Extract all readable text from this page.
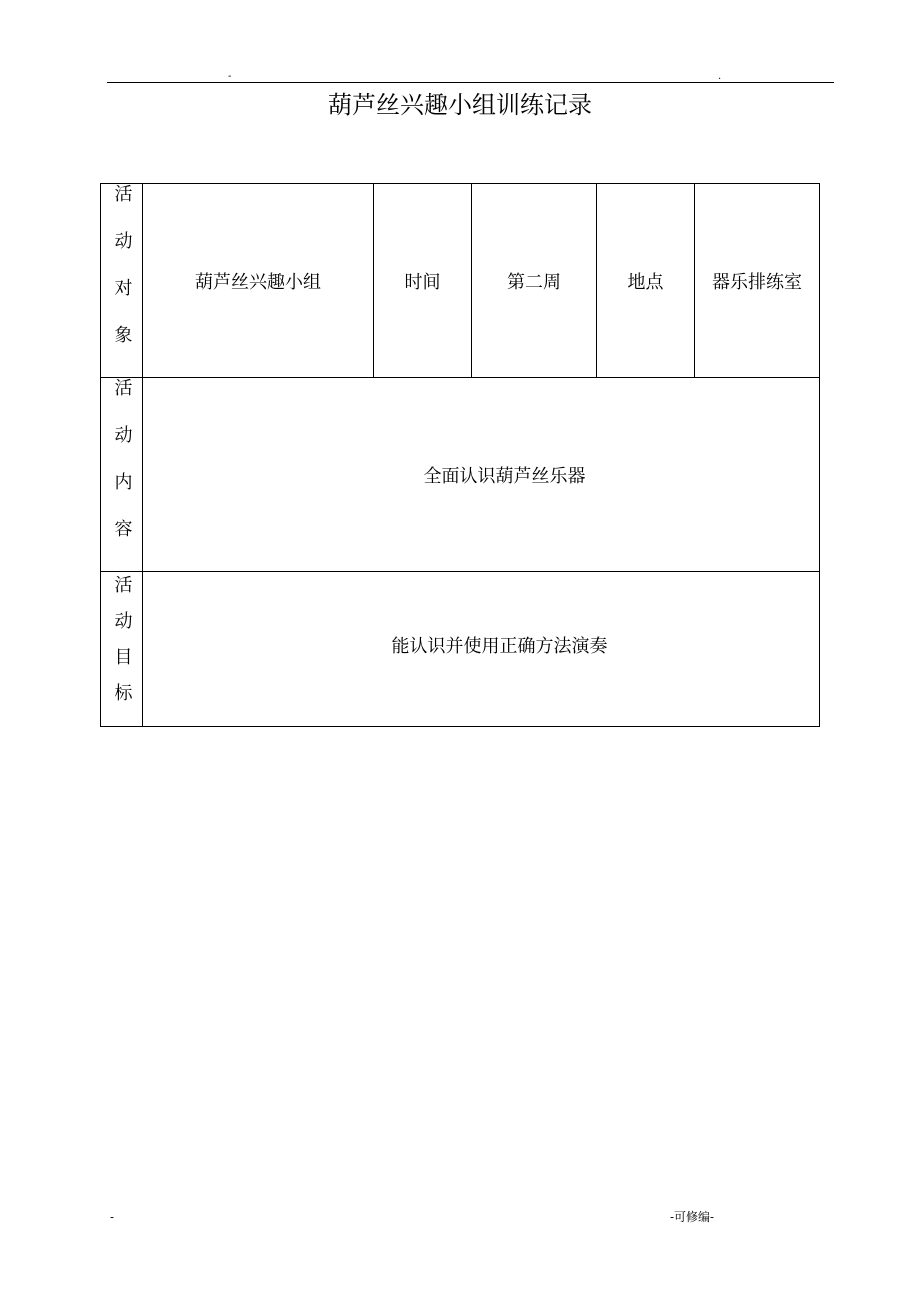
-	.
葫芦丝兴趣小组训练记录
活动对象	葫芦丝兴趣小组	时间	第二周	地点	器乐排练室
活动内容	全面认识葫芦丝乐器				
活动目标	能认识并使用正确方法演奏				
-	-可修编-
